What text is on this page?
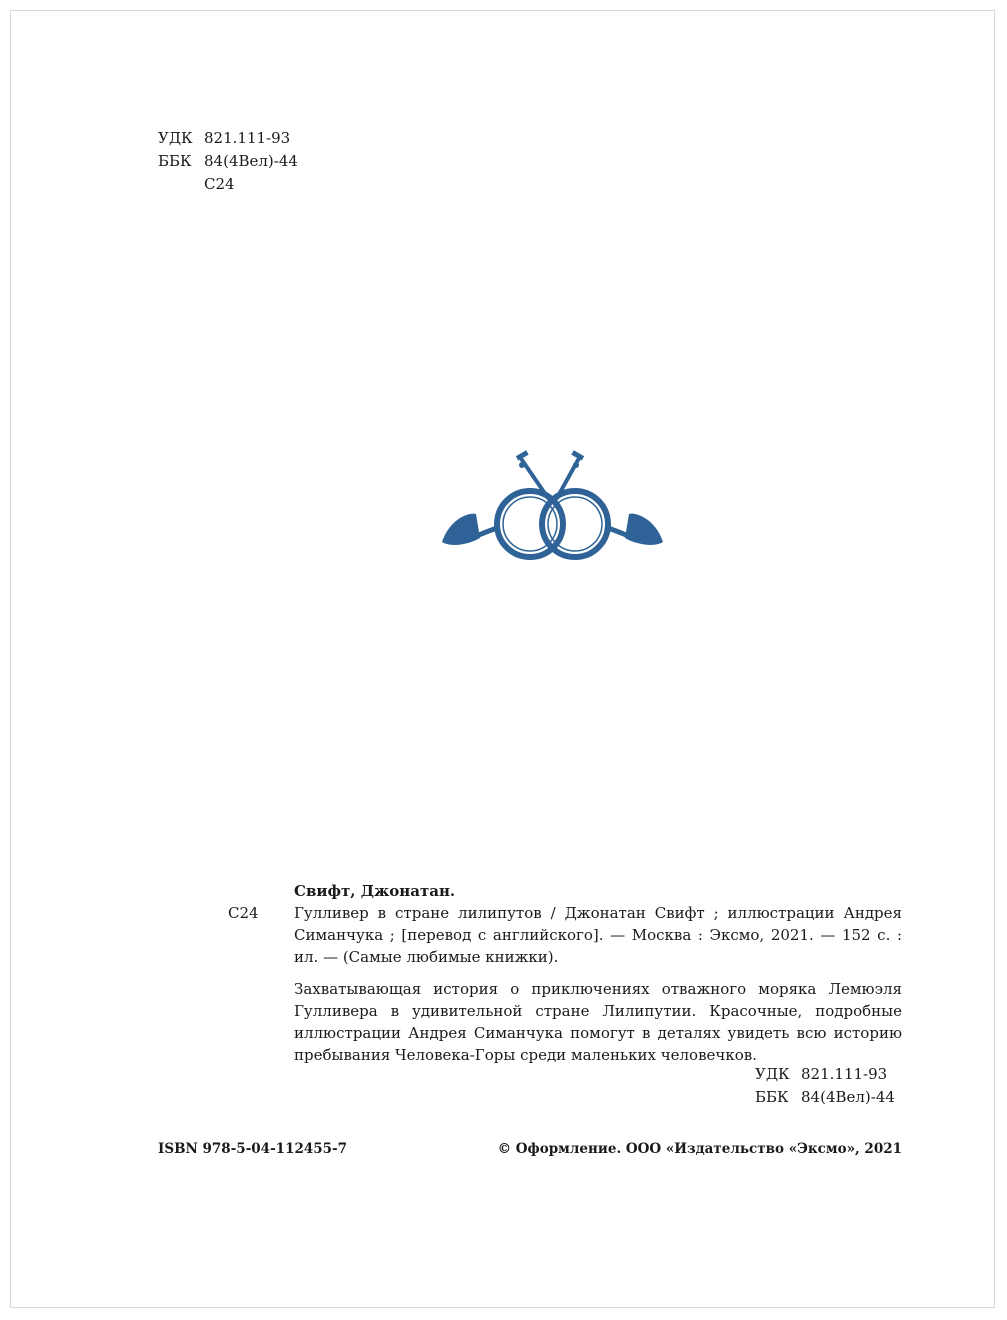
УДК 821.111-93
ББК 84(4Вел)-44
С24
Свифт, Джонатан.
С24	Гулливер в стране лилипутов / Джонатан Свифт ; иллюстрации Андрея Симанчука ; [перевод с английского]. — Москва : Эксмо, 2021. — 152 с. : ил. — (Самые любимые книжки).
Захватывающая история о приключениях отважного моряка Лемюэля Гулливера в удивительной стране Лилипутии. Красочные, подробные иллюстрации Андрея Симанчука помогут в деталях увидеть всю историю пребывания Человека-Горы среди маленьких человечков.
УДК 821.111-93
ББК 84(4Вел)-44
ISBN 978-5-04-112455-7	© Оформление. ООО «Издательство «Эксмо», 2021
